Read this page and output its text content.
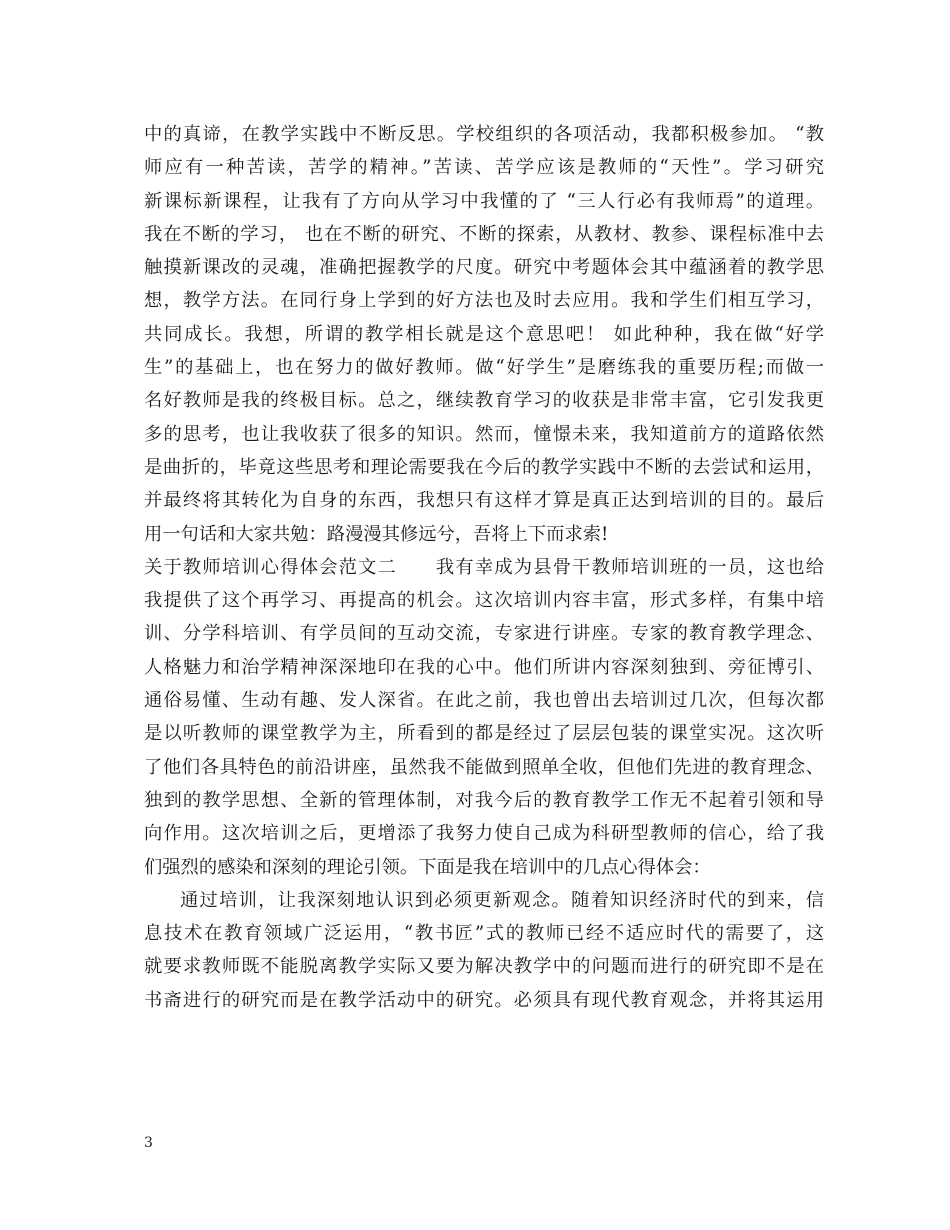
中的真谛，在教学实践中不断反思。学校组织的各项活动，我都积极参加。 “教
师应有一种苦读，苦学的精神。”苦读、苦学应该是教师的“天性”。学习研究
新课标新课程，让我有了方向从学习中我懂的了 “三人行必有我师焉”的道理。
我在不断的学习， 也在不断的研究、不断的探索，从教材、教参、课程标准中去
触摸新课改的灵魂，准确把握教学的尺度。研究中考题体会其中蕴涵着的教学思
想，教学方法。在同行身上学到的好方法也及时去应用。我和学生们相互学习，
共同成长。我想，所谓的教学相长就是这个意思吧！ 如此种种，我在做“好学
生”的基础上，也在努力的做好教师。做“好学生”是磨练我的重要历程;而做一
名好教师是我的终极目标。总之，继续教育学习的收获是非常丰富，它引发我更
多的思考，也让我收获了很多的知识。然而，憧憬未来，我知道前方的道路依然
是曲折的，毕竟这些思考和理论需要我在今后的教学实践中不断的去尝试和运用，
并最终将其转化为自身的东西，我想只有这样才算是真正达到培训的目的。最后
用一句话和大家共勉：路漫漫其修远兮，吾将上下而求索!
关于教师培训心得体会范文二　　我有幸成为县骨干教师培训班的一员，这也给
我提供了这个再学习、再提高的机会。这次培训内容丰富，形式多样，有集中培
训、分学科培训、有学员间的互动交流，专家进行讲座。专家的教育教学理念、
人格魅力和治学精神深深地印在我的心中。他们所讲内容深刻独到、旁征博引、
通俗易懂、生动有趣、发人深省。在此之前，我也曾出去培训过几次，但每次都
是以听教师的课堂教学为主，所看到的都是经过了层层包装的课堂实况。这次听
了他们各具特色的前沿讲座，虽然我不能做到照单全收，但他们先进的教育理念、
独到的教学思想、全新的管理体制，对我今后的教育教学工作无不起着引领和导
向作用。这次培训之后，更增添了我努力使自己成为科研型教师的信心，给了我
们强烈的感染和深刻的理论引领。下面是我在培训中的几点心得体会：
通过培训，让我深刻地认识到必须更新观念。随着知识经济时代的到来，信
息技术在教育领域广泛运用，“教书匠”式的教师已经不适应时代的需要了，这
就要求教师既不能脱离教学实际又要为解决教学中的问题而进行的研究即不是在
书斋进行的研究而是在教学活动中的研究。必须具有现代教育观念，并将其运用
3
